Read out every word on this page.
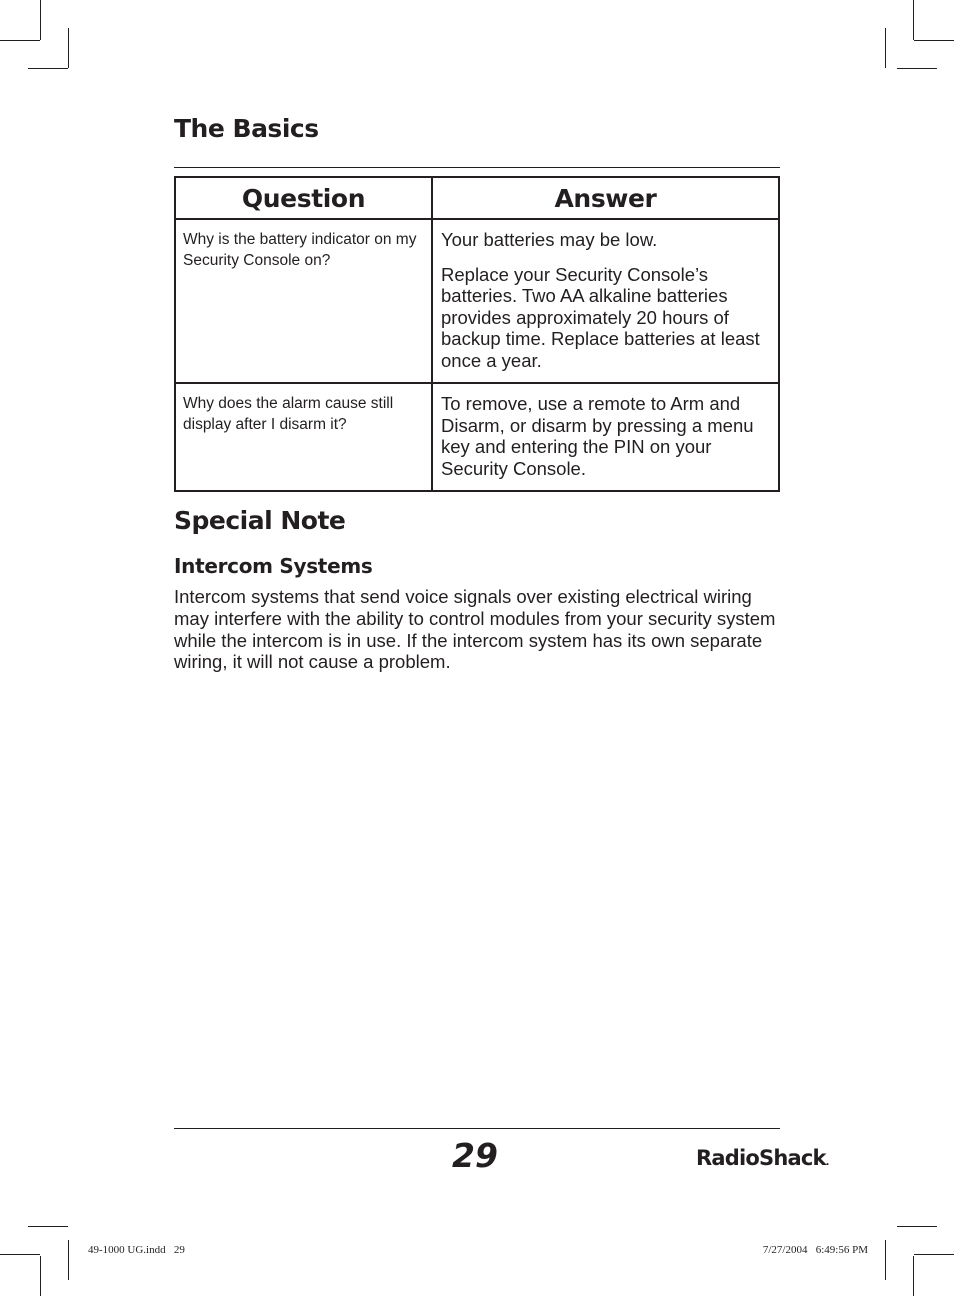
The Basics
Question	Answer
Why is the battery indicator on my Security Console on?	Your batteries may be low.

Replace your Security Console’s batteries. Two AA alkaline batteries provides approximately 20 hours of backup time. Replace batteries at least once a year.

Why does the alarm cause still display after I disarm it?	To remove, use a remote to Arm and Disarm, or disarm by pressing a menu key and entering the PIN on your Security Console.

Special Note
Intercom Systems

Intercom systems that send voice signals over existing electrical wiring may interfere with the ability to control modules from your security system while the intercom is in use. If the intercom system has its own separate wiring, it will not cause a problem.

29	RadioShack.
49-1000 UG.indd   29	7/27/2004   6:49:56 PM
